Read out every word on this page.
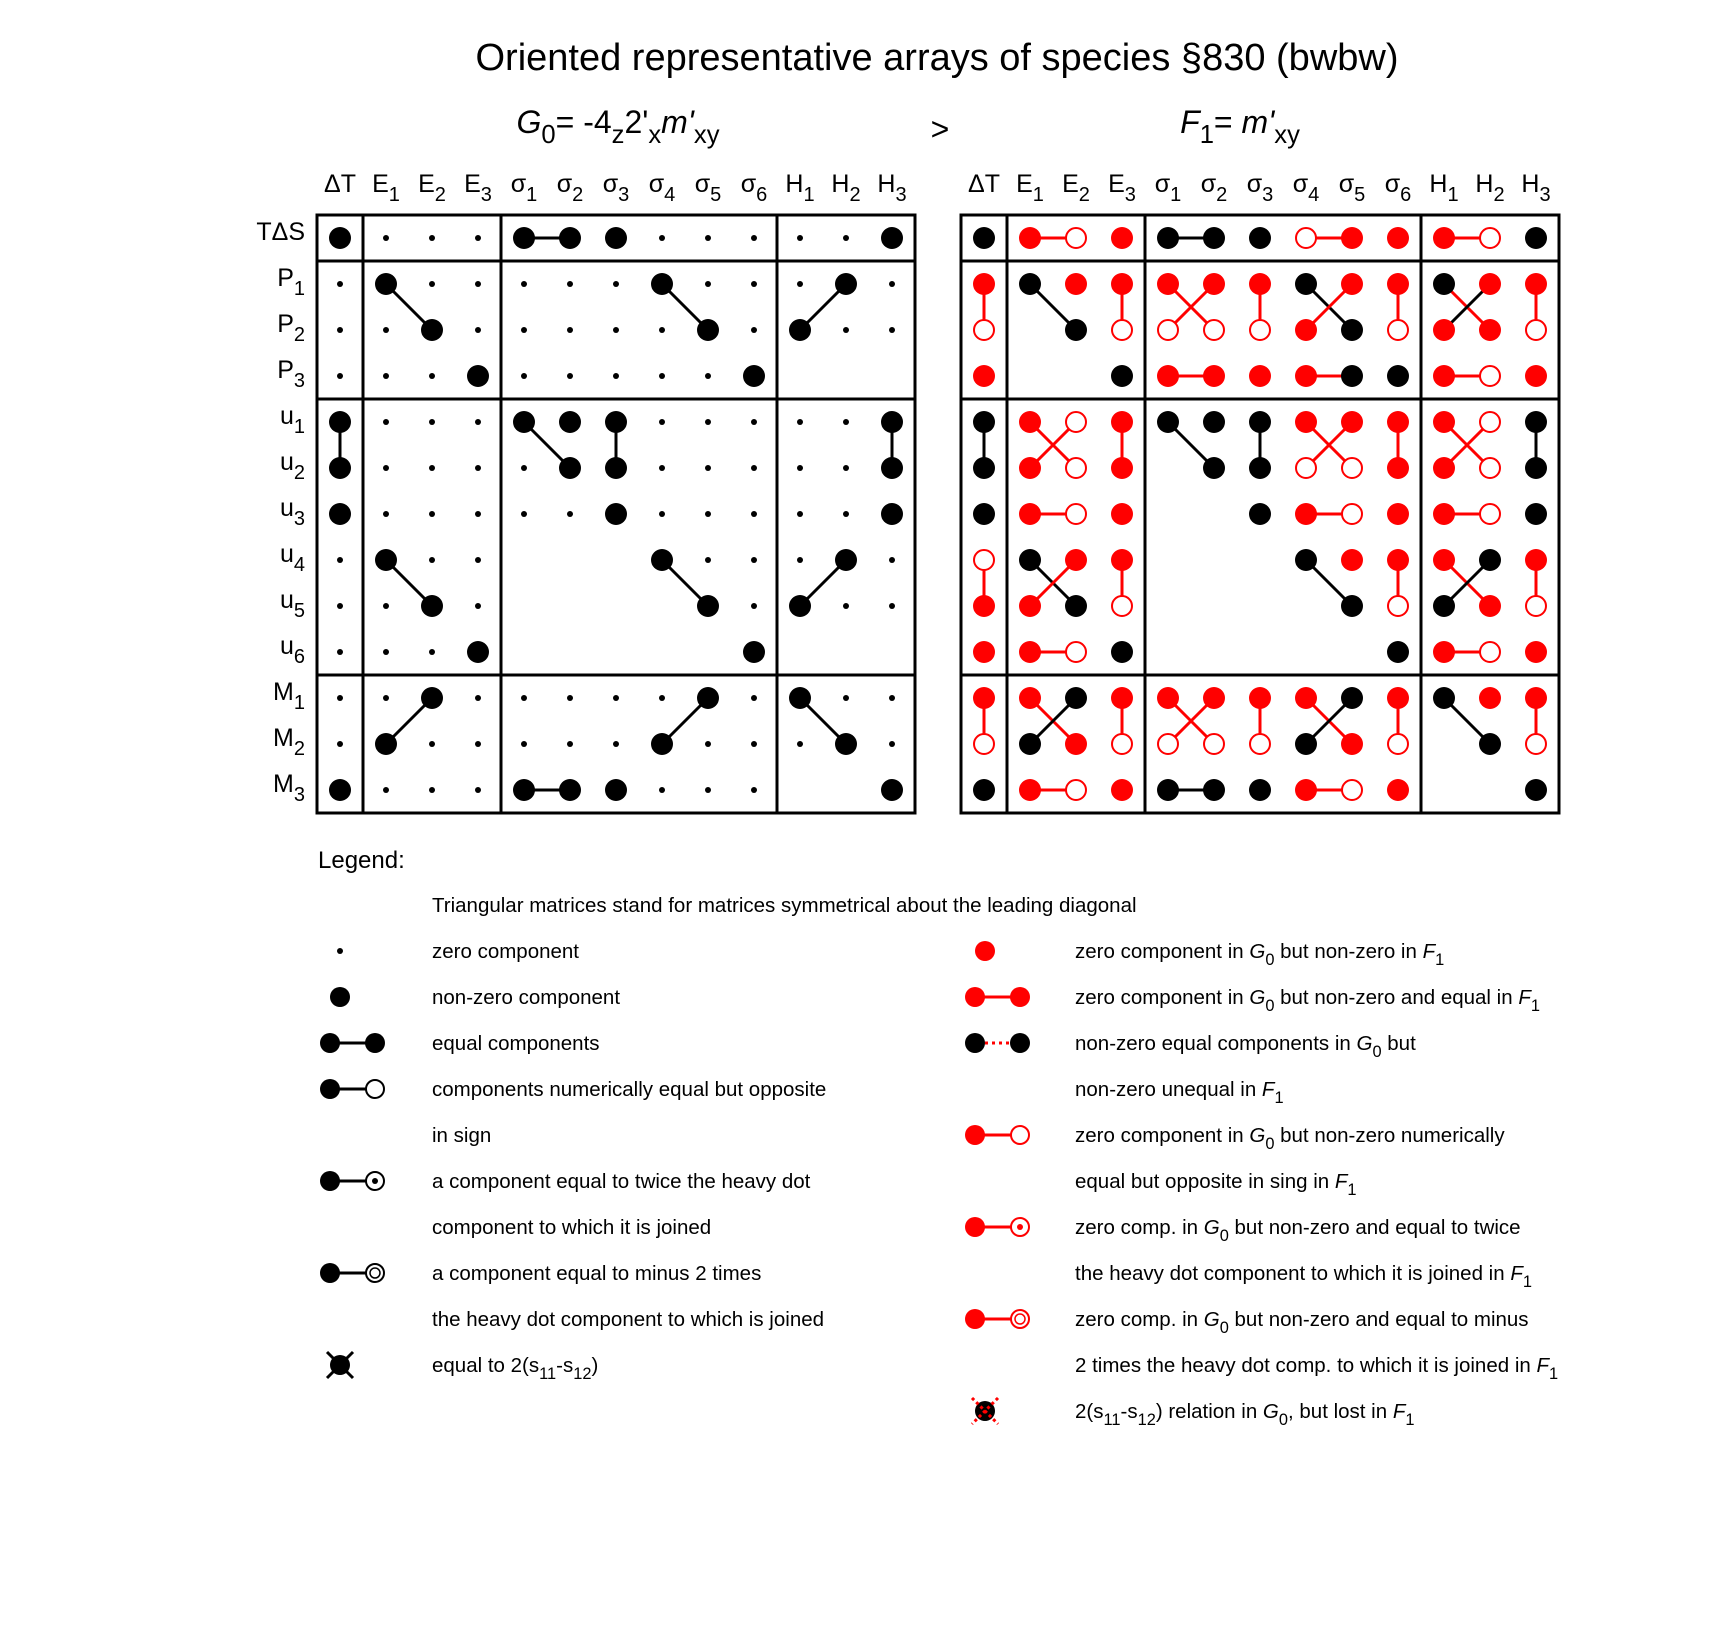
Oriented representative arrays of species §830 (bwbw)
$G_0= -4_z2'_xm'_{xy}$	>	$F_1= m'_{xy}$
ΔT $E_1$ $E_2$ $E_3$ $\sigma_1$ $\sigma_2$ $\sigma_3$ $\sigma_4$ $\sigma_5$ $\sigma_6$ $H_1$ $H_2$ $H_3$
TΔS
$P_1$
$P_2$
$P_3$
$u_1$
$u_2$
$u_3$
$u_4$
$u_5$
$u_6$
$M_1$
$M_2$
$M_3$
ΔT $E_1$ $E_2$ $E_3$ $\sigma_1$ $\sigma_2$ $\sigma_3$ $\sigma_4$ $\sigma_5$ $\sigma_6$ $H_1$ $H_2$ $H_3$
Legend:
Triangular matrices stand for matrices symmetrical about the leading diagonal
zero component
non-zero component
equal components
components numerically equal but opposite
in sign
a component equal to twice the heavy dot
component to which it is joined
a component equal to minus 2 times
the heavy dot component to which is joined
equal to $2(s_{11}-s_{12})$
zero component in $G_0$ but non-zero in $F_1$
zero component in $G_0$ but non-zero and equal in $F_1$
non-zero equal components in $G_0$ but
non-zero unequal in $F_1$
zero component in $G_0$ but non-zero numerically
equal but opposite in sing in $F_1$
zero comp. in $G_0$ but non-zero and equal to twice
the heavy dot component to which it is joined in $F_1$
zero comp. in $G_0$ but non-zero and equal to minus
2 times the heavy dot comp. to which it is joined in $F_1$
$2(s_{11}-s_{12})$ relation in $G_0$, but lost in $F_1$
